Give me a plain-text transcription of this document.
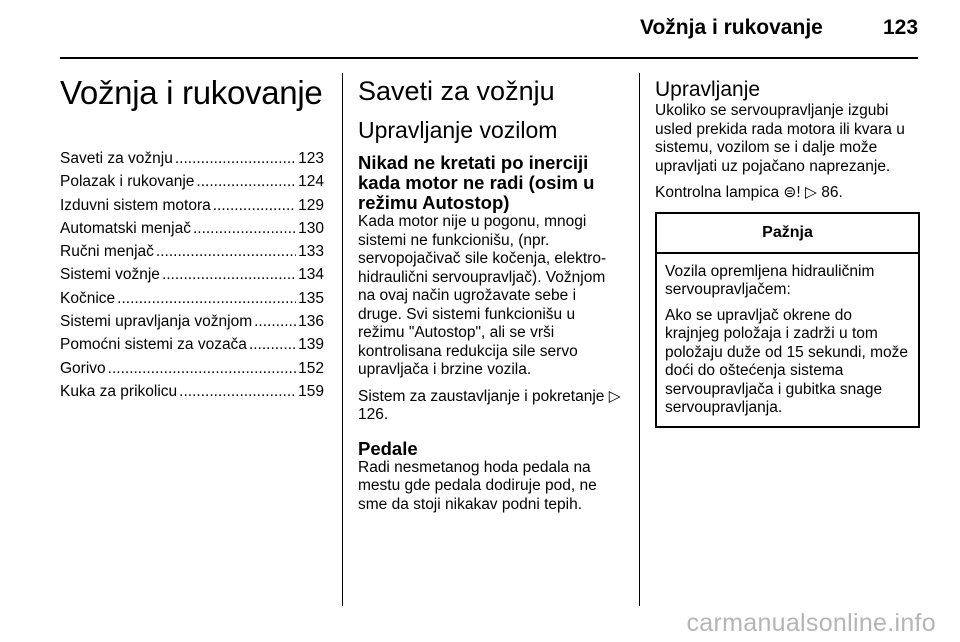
Vožnja i rukovanje	123
Vožnja i rukovanje
Saveti za vožnju .....	123
Polazak i rukovanje .....	124
Izduvni sistem motora .....	129
Automatski menjač .....	130
Ručni menjač .....	133
Sistemi vožnje .....	134
Kočnice .....	135
Sistemi upravljanja vožnjom .....	136
Pomoćni sistemi za vozača .....	139
Gorivo .....	152
Kuka za prikolicu .....	159
Saveti za vožnju
Upravljanje vozilom
Nikad ne kretati po inerciji kada motor ne radi (osim u režimu Autostop)
Kada motor nije u pogonu, mnogi sistemi ne funkcionišu, (npr. servopojačivač sile kočenja, elektro-hidraulični servoupravljač). Vožnjom na ovaj način ugrožavate sebe i druge. Svi sistemi funkcionišu u režimu "Autostop", ali se vrši kontrolisana redukcija sile servo upravljača i brzine vozila.
Sistem za zaustavljanje i pokretanje ▷ 126.
Pedale
Radi nesmetanog hoda pedala na mestu gde pedala dodiruje pod, ne sme da stoji nikakav podni tepih.
Upravljanje
Ukoliko se servoupravljanje izgubi usled prekida rada motora ili kvara u sistemu, vozilom se i dalje može upravljati uz pojačano naprezanje.
Kontrolna lampica ⊜! ▷ 86.
Pažnja
Vozila opremljena hidrauličnim servoupravljačem:
Ako se upravljač okrene do krajnjeg položaja i zadrži u tom položaju duže od 15 sekundi, može doći do oštećenja sistema servoupravljača i gubitka snage servoupravljanja.
carmanualsonline.info
